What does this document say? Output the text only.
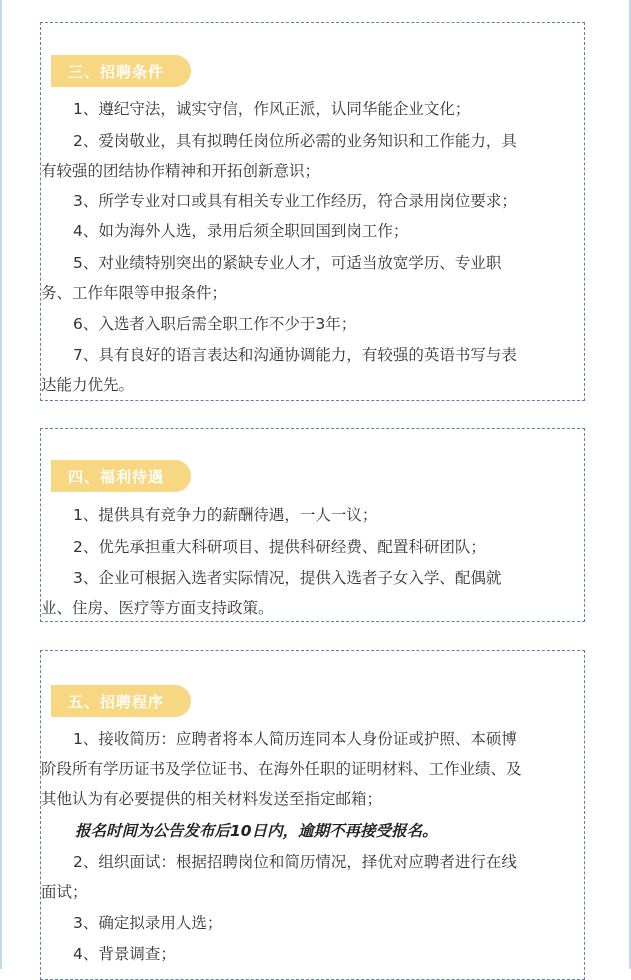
三、招聘条件
1、遵纪守法，诚实守信，作风正派，认同华能企业文化；
2、爱岗敬业，具有拟聘任岗位所必需的业务知识和工作能力，具
有较强的团结协作精神和开拓创新意识；
3、所学专业对口或具有相关专业工作经历，符合录用岗位要求；
4、如为海外人选，录用后须全职回国到岗工作；
5、对业绩特别突出的紧缺专业人才，可适当放宽学历、专业职
务、工作年限等申报条件；
6、入选者入职后需全职工作不少于3年；
7、具有良好的语言表达和沟通协调能力，有较强的英语书写与表
达能力优先。
四、福利待遇
1、提供具有竞争力的薪酬待遇，一人一议；
2、优先承担重大科研项目、提供科研经费、配置科研团队；
3、企业可根据入选者实际情况，提供入选者子女入学、配偶就
业、住房、医疗等方面支持政策。
五、招聘程序
1、接收简历：应聘者将本人简历连同本人身份证或护照、本硕博
阶段所有学历证书及学位证书、在海外任职的证明材料、工作业绩、及
其他认为有必要提供的相关材料发送至指定邮箱；
报名时间为公告发布后10日内，逾期不再接受报名。
2、组织面试：根据招聘岗位和简历情况，择优对应聘者进行在线
面试；
3、确定拟录用人选；
4、背景调查；
